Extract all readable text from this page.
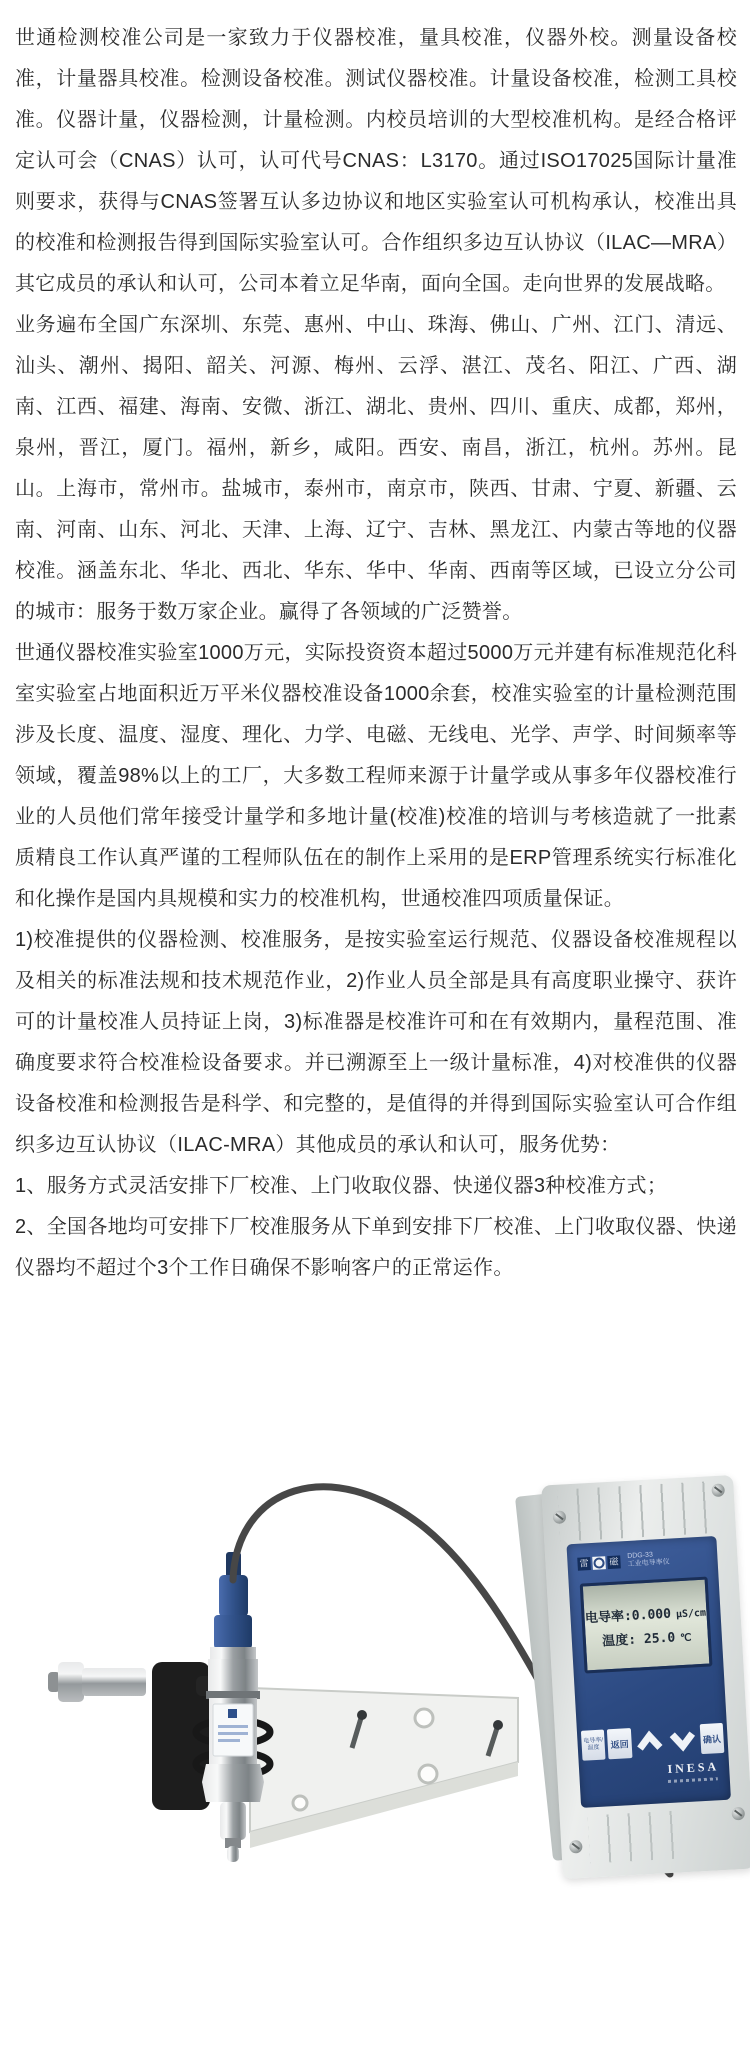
世通检测校准公司是一家致力于仪器校准，量具校准，仪器外校。测量设备校准，计量器具校准。检测设备校准。测试仪器校准。计量设备校准，检测工具校准。仪器计量，仪器检测，计量检测。内校员培训的大型校准机构。是经合格评定认可会（CNAS）认可，认可代号CNAS：L3170。通过ISO17025国际计量准则要求，获得与CNAS签署互认多边协议和地区实验室认可机构承认，校准出具的校准和检测报告得到国际实验室认可。合作组织多边互认协议（ILAC—MRA）其它成员的承认和认可，公司本着立足华南，面向全国。走向世界的发展战略。

业务遍布全国广东深圳、东莞、惠州、中山、珠海、佛山、广州、江门、清远、汕头、潮州、揭阳、韶关、河源、梅州、云浮、湛江、茂名、阳江、广西、湖南、江西、福建、海南、安微、浙江、湖北、贵州、四川、重庆、成都，郑州，泉州，晋江，厦门。福州，新乡，咸阳。西安、南昌，浙江，杭州。苏州。昆山。上海市，常州市。盐城市，泰州市，南京市，陕西、甘肃、宁夏、新疆、云南、河南、山东、河北、天津、上海、辽宁、吉林、黑龙江、内蒙古等地的仪器校准。涵盖东北、华北、西北、华东、华中、华南、西南等区域，已设立分公司的城市：服务于数万家企业。赢得了各领域的广泛赞誉。

世通仪器校准实验室1000万元，实际投资资本超过5000万元并建有标准规范化科室实验室占地面积近万平米仪器校准设备1000余套，校准实验室的计量检测范围涉及长度、温度、湿度、理化、力学、电磁、无线电、光学、声学、时间频率等领域，覆盖98%以上的工厂，大多数工程师来源于计量学或从事多年仪器校准行业的人员他们常年接受计量学和多地计量(校准)校准的培训与考核造就了一批素质精良工作认真严谨的工程师队伍在的制作上采用的是ERP管理系统实行标准化和化操作是国内具规模和实力的校准机构，世通校准四项质量保证。

1)校准提供的仪器检测、校准服务，是按实验室运行规范、仪器设备校准规程以及相关的标准法规和技术规范作业，2)作业人员全部是具有高度职业操守、获许可的计量校准人员持证上岗，3)标准器是校准许可和在有效期内，量程范围、准确度要求符合校准检设备要求。并已溯源至上一级计量标准，4)对校准供的仪器设备校准和检测报告是科学、和完整的，是值得的并得到国际实验室认可合作组织多边互认协议（ILAC-MRA）其他成员的承认和认可，服务优势：

1、服务方式灵活安排下厂校准、上门收取仪器、快递仪器3种校准方式；

2、全国各地均可安排下厂校准服务从下单到安排下厂校准、上门收取仪器、快递仪器均不超过个3个工作日确保不影响客户的正常运作。

雷 磁
DDG-33
工业电导率仪
电导率:0.000 μS/cm
温度: 25.0 ℃
电导率/温度	返回	确认
INESA
